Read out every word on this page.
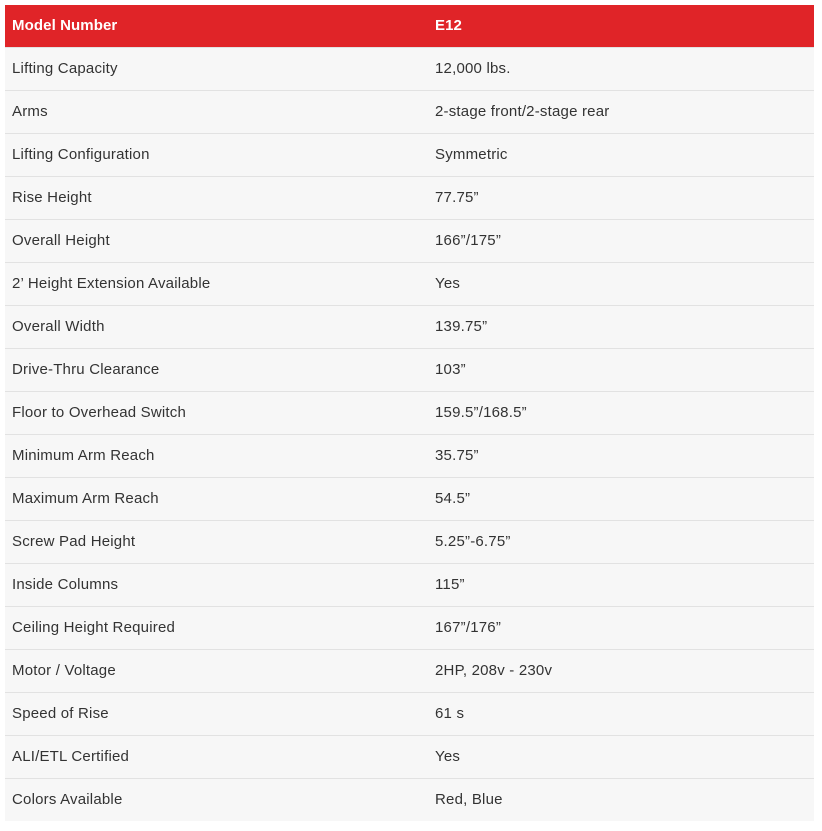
Model Number	E12
Lifting Capacity	12,000 lbs.
Arms	2-stage front/2-stage rear
Lifting Configuration	Symmetric
Rise Height	77.75”
Overall Height	166”/175”
2’ Height Extension Available	Yes
Overall Width	139.75”
Drive-Thru Clearance	103”
Floor to Overhead Switch	159.5”/168.5”
Minimum Arm Reach	35.75”
Maximum Arm Reach	54.5”
Screw Pad Height	5.25”-6.75”
Inside Columns	115”
Ceiling Height Required	167”/176”
Motor / Voltage	2HP, 208v - 230v
Speed of Rise	61 s
ALI/ETL Certified	Yes
Colors Available	Red, Blue
